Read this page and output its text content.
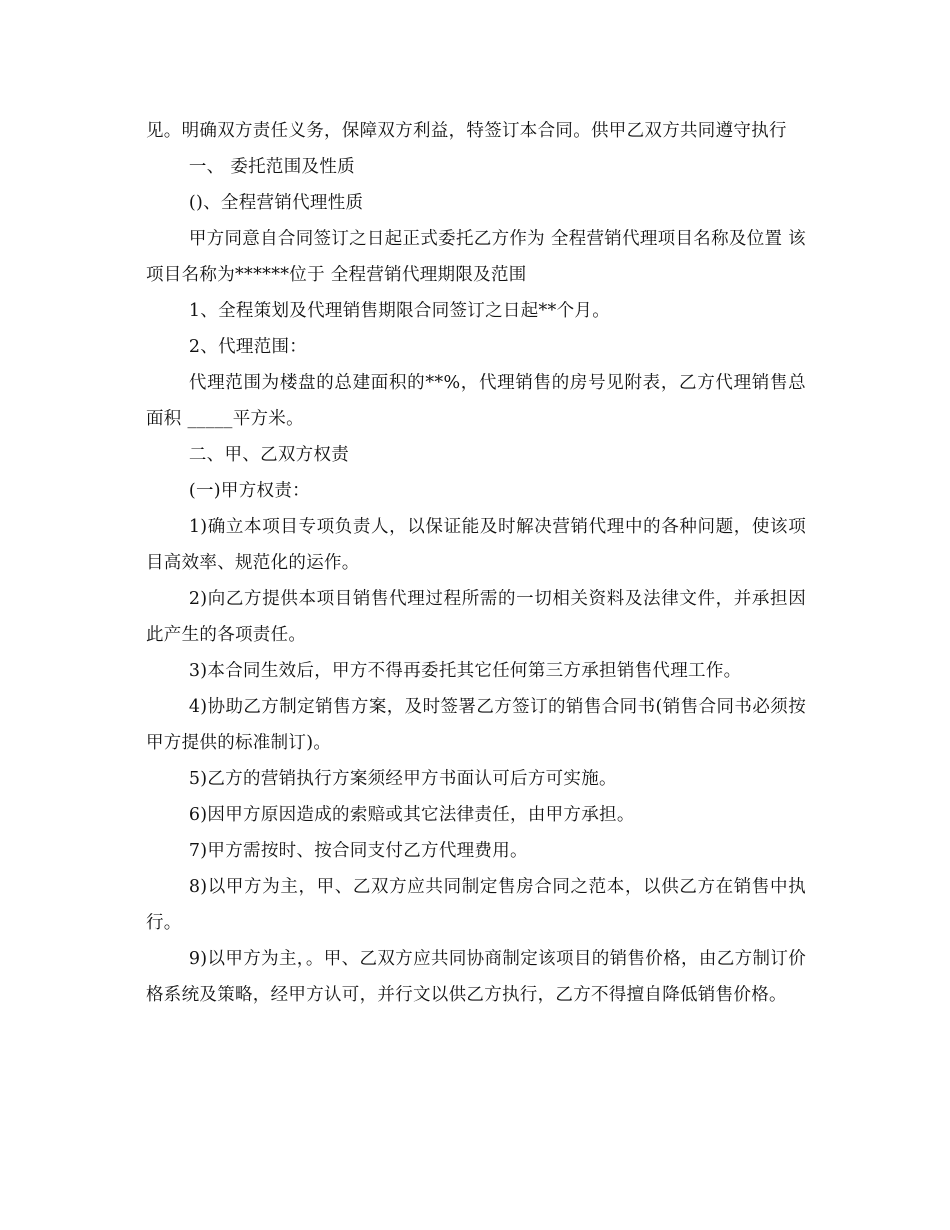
见。明确双方责任义务，保障双方利益，特签订本合同。供甲乙双方共同遵守执行

一、 委托范围及性质

()、全程营销代理性质

甲方同意自合同签订之日起正式委托乙方作为 全程营销代理项目名称及位置 该项目名称为******位于 全程营销代理期限及范围

1、全程策划及代理销售期限合同签订之日起**个月。

2、代理范围：

代理范围为楼盘的总建面积的**%，代理销售的房号见附表，乙方代理销售总面积 _____平方米。

二、甲、乙双方权责

(一)甲方权责：

1)确立本项目专项负责人，以保证能及时解决营销代理中的各种问题，使该项目高效率、规范化的运作。

2)向乙方提供本项目销售代理过程所需的一切相关资料及法律文件，并承担因此产生的各项责任。

3)本合同生效后，甲方不得再委托其它任何第三方承担销售代理工作。

4)协助乙方制定销售方案，及时签署乙方签订的销售合同书(销售合同书必须按甲方提供的标准制订)。

5)乙方的营销执行方案须经甲方书面认可后方可实施。

6)因甲方原因造成的索赔或其它法律责任，由甲方承担。

7)甲方需按时、按合同支付乙方代理费用。

8)以甲方为主，甲、乙双方应共同制定售房合同之范本，以供乙方在销售中执行。

9)以甲方为主，。甲、乙双方应共同协商制定该项目的销售价格，由乙方制订价格系统及策略，经甲方认可，并行文以供乙方执行，乙方不得擅自降低销售价格。
